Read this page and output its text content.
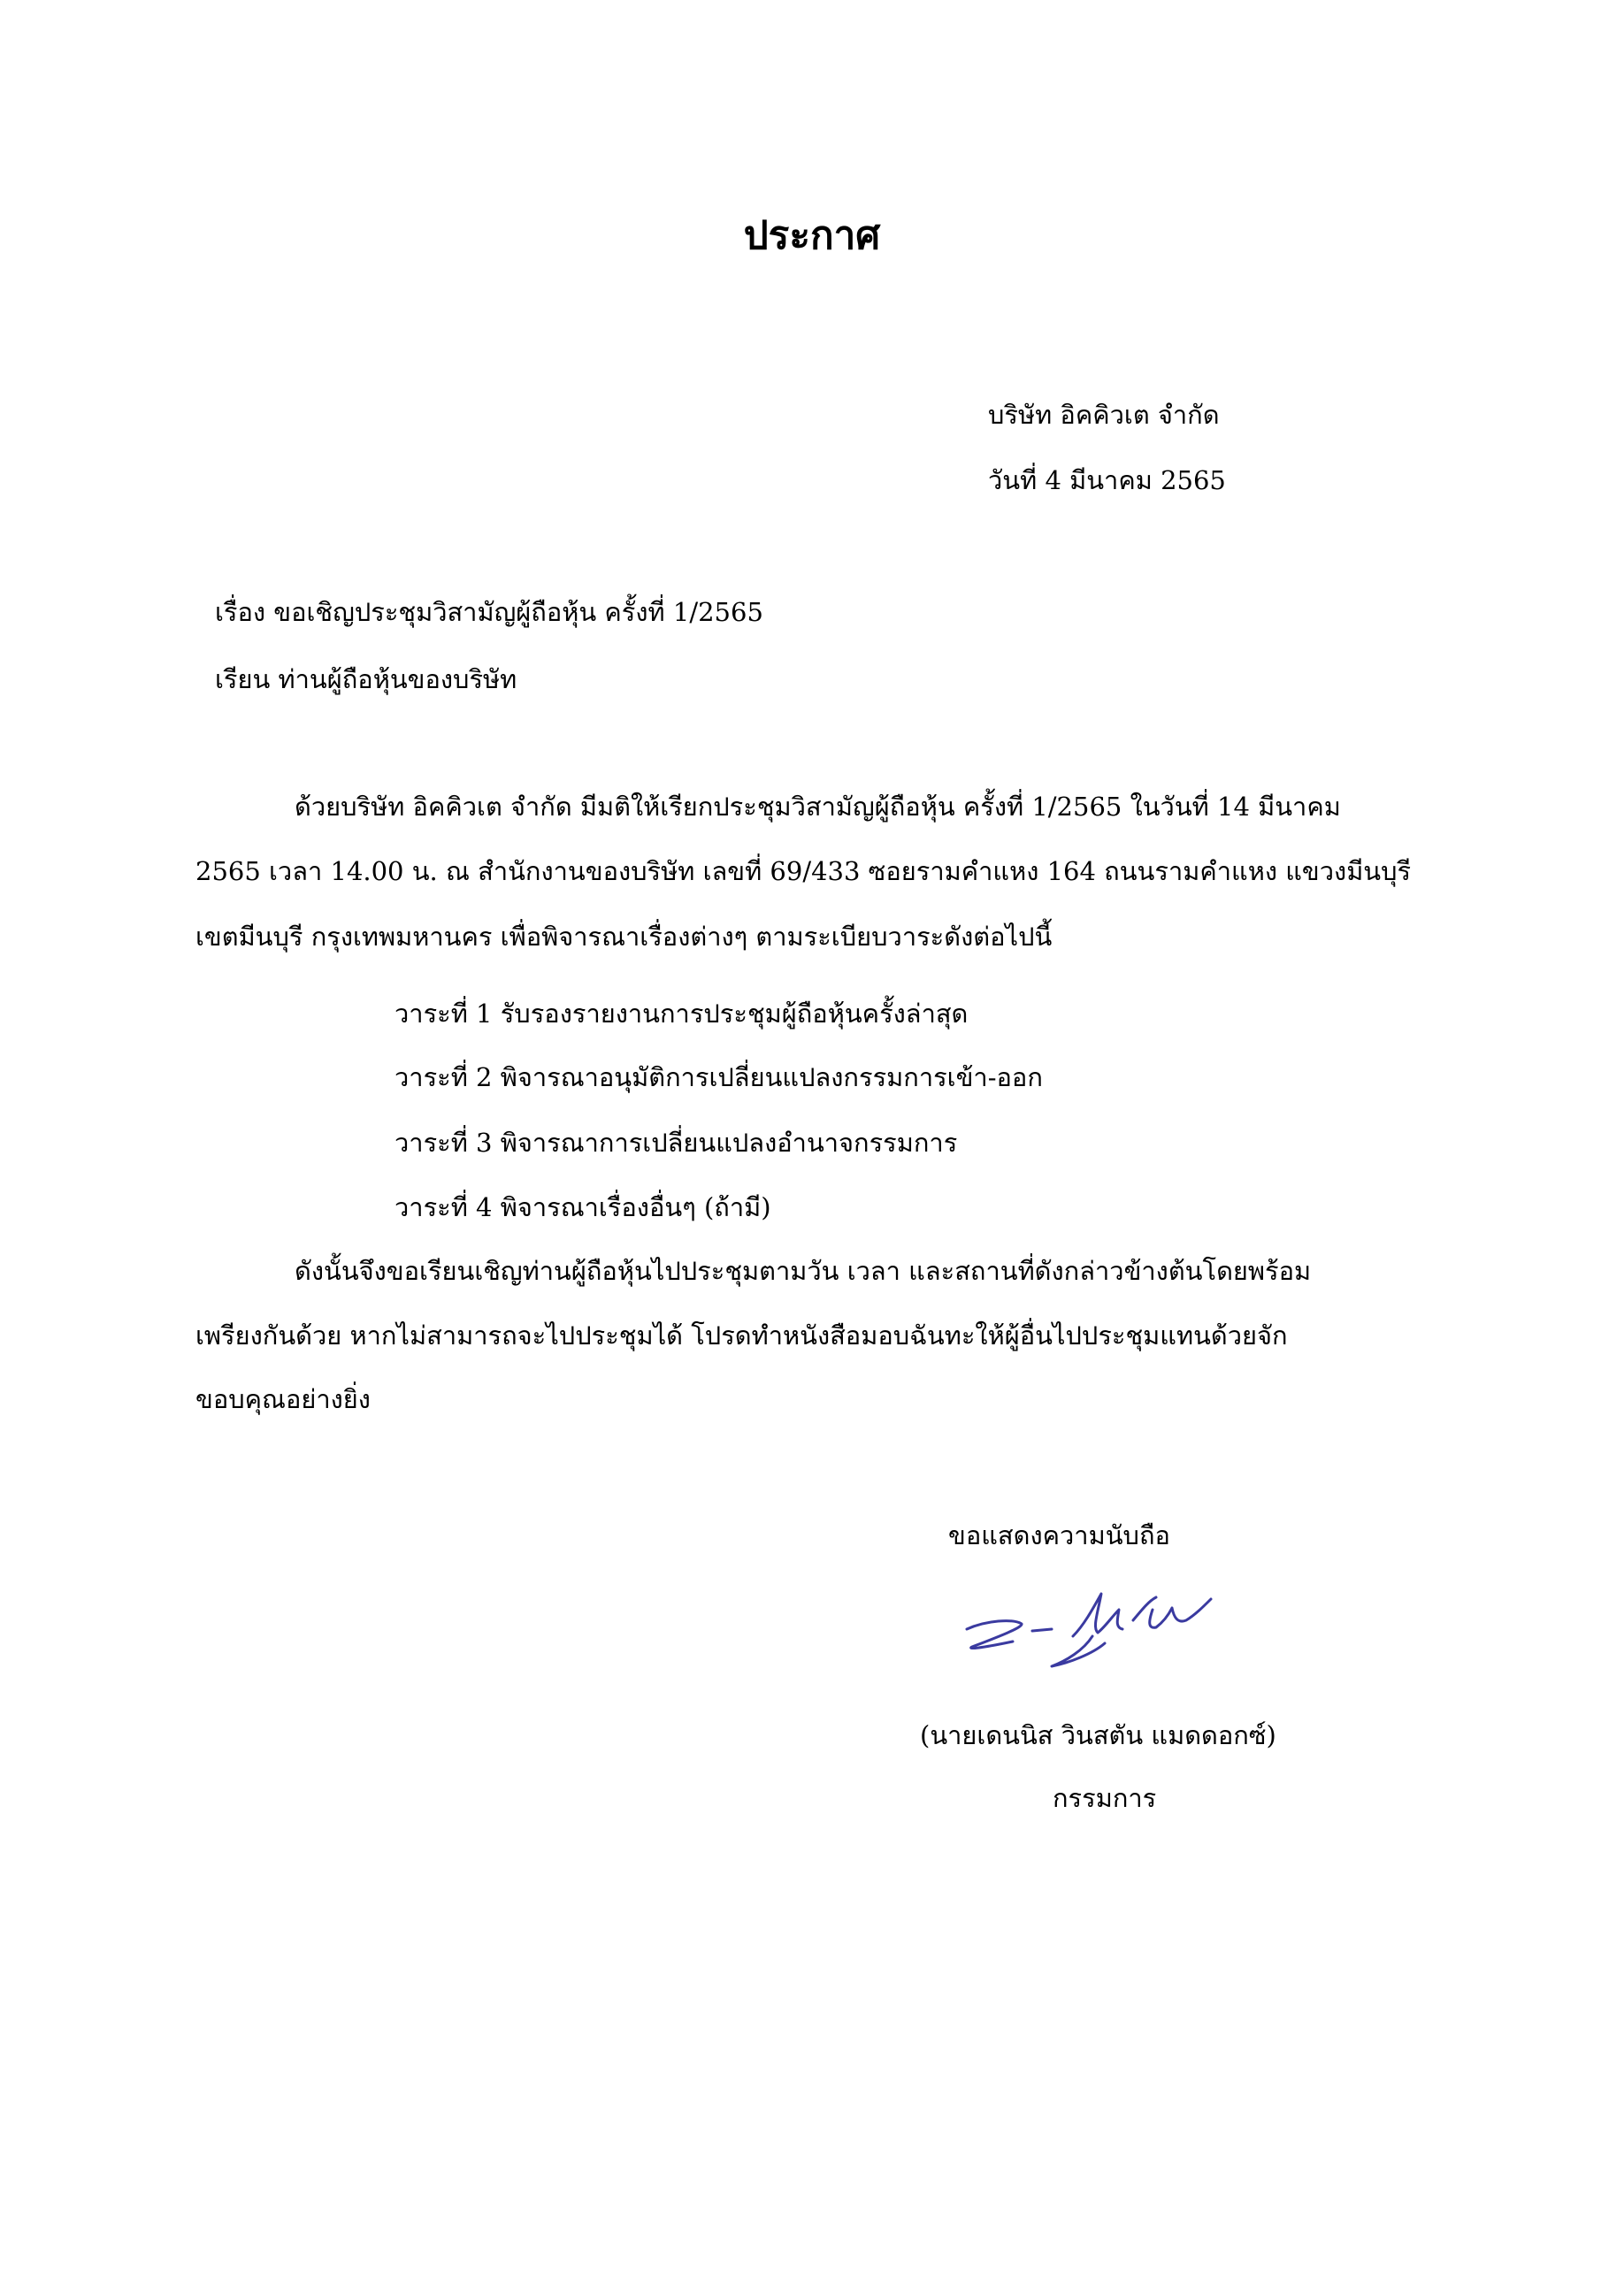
ประกาศ
บริษัท อิคคิวเต จำกัด
วันที่ 4 มีนาคม 2565
เรื่อง ขอเชิญประชุมวิสามัญผู้ถือหุ้น ครั้งที่ 1/2565
เรียน ท่านผู้ถือหุ้นของบริษัท
ด้วยบริษัท อิคคิวเต จำกัด มีมติให้เรียกประชุมวิสามัญผู้ถือหุ้น ครั้งที่ 1/2565 ในวันที่ 14 มีนาคม
2565 เวลา 14.00 น. ณ สำนักงานของบริษัท เลขที่ 69/433 ซอยรามคำแหง 164 ถนนรามคำแหง แขวงมีนบุรี
เขตมีนบุรี กรุงเทพมหานคร เพื่อพิจารณาเรื่องต่างๆ ตามระเบียบวาระดังต่อไปนี้
วาระที่ 1 รับรองรายงานการประชุมผู้ถือหุ้นครั้งล่าสุด
วาระที่ 2 พิจารณาอนุมัติการเปลี่ยนแปลงกรรมการเข้า-ออก
วาระที่ 3 พิจารณาการเปลี่ยนแปลงอำนาจกรรมการ
วาระที่ 4 พิจารณาเรื่องอื่นๆ (ถ้ามี)
ดังนั้นจึงขอเรียนเชิญท่านผู้ถือหุ้นไปประชุมตามวัน เวลา และสถานที่ดังกล่าวข้างต้นโดยพร้อม
เพรียงกันด้วย หากไม่สามารถจะไปประชุมได้ โปรดทำหนังสือมอบฉันทะให้ผู้อื่นไปประชุมแทนด้วยจัก
ขอบคุณอย่างยิ่ง
ขอแสดงความนับถือ
(นายเดนนิส วินสตัน แมดดอกซ์)
กรรมการ
